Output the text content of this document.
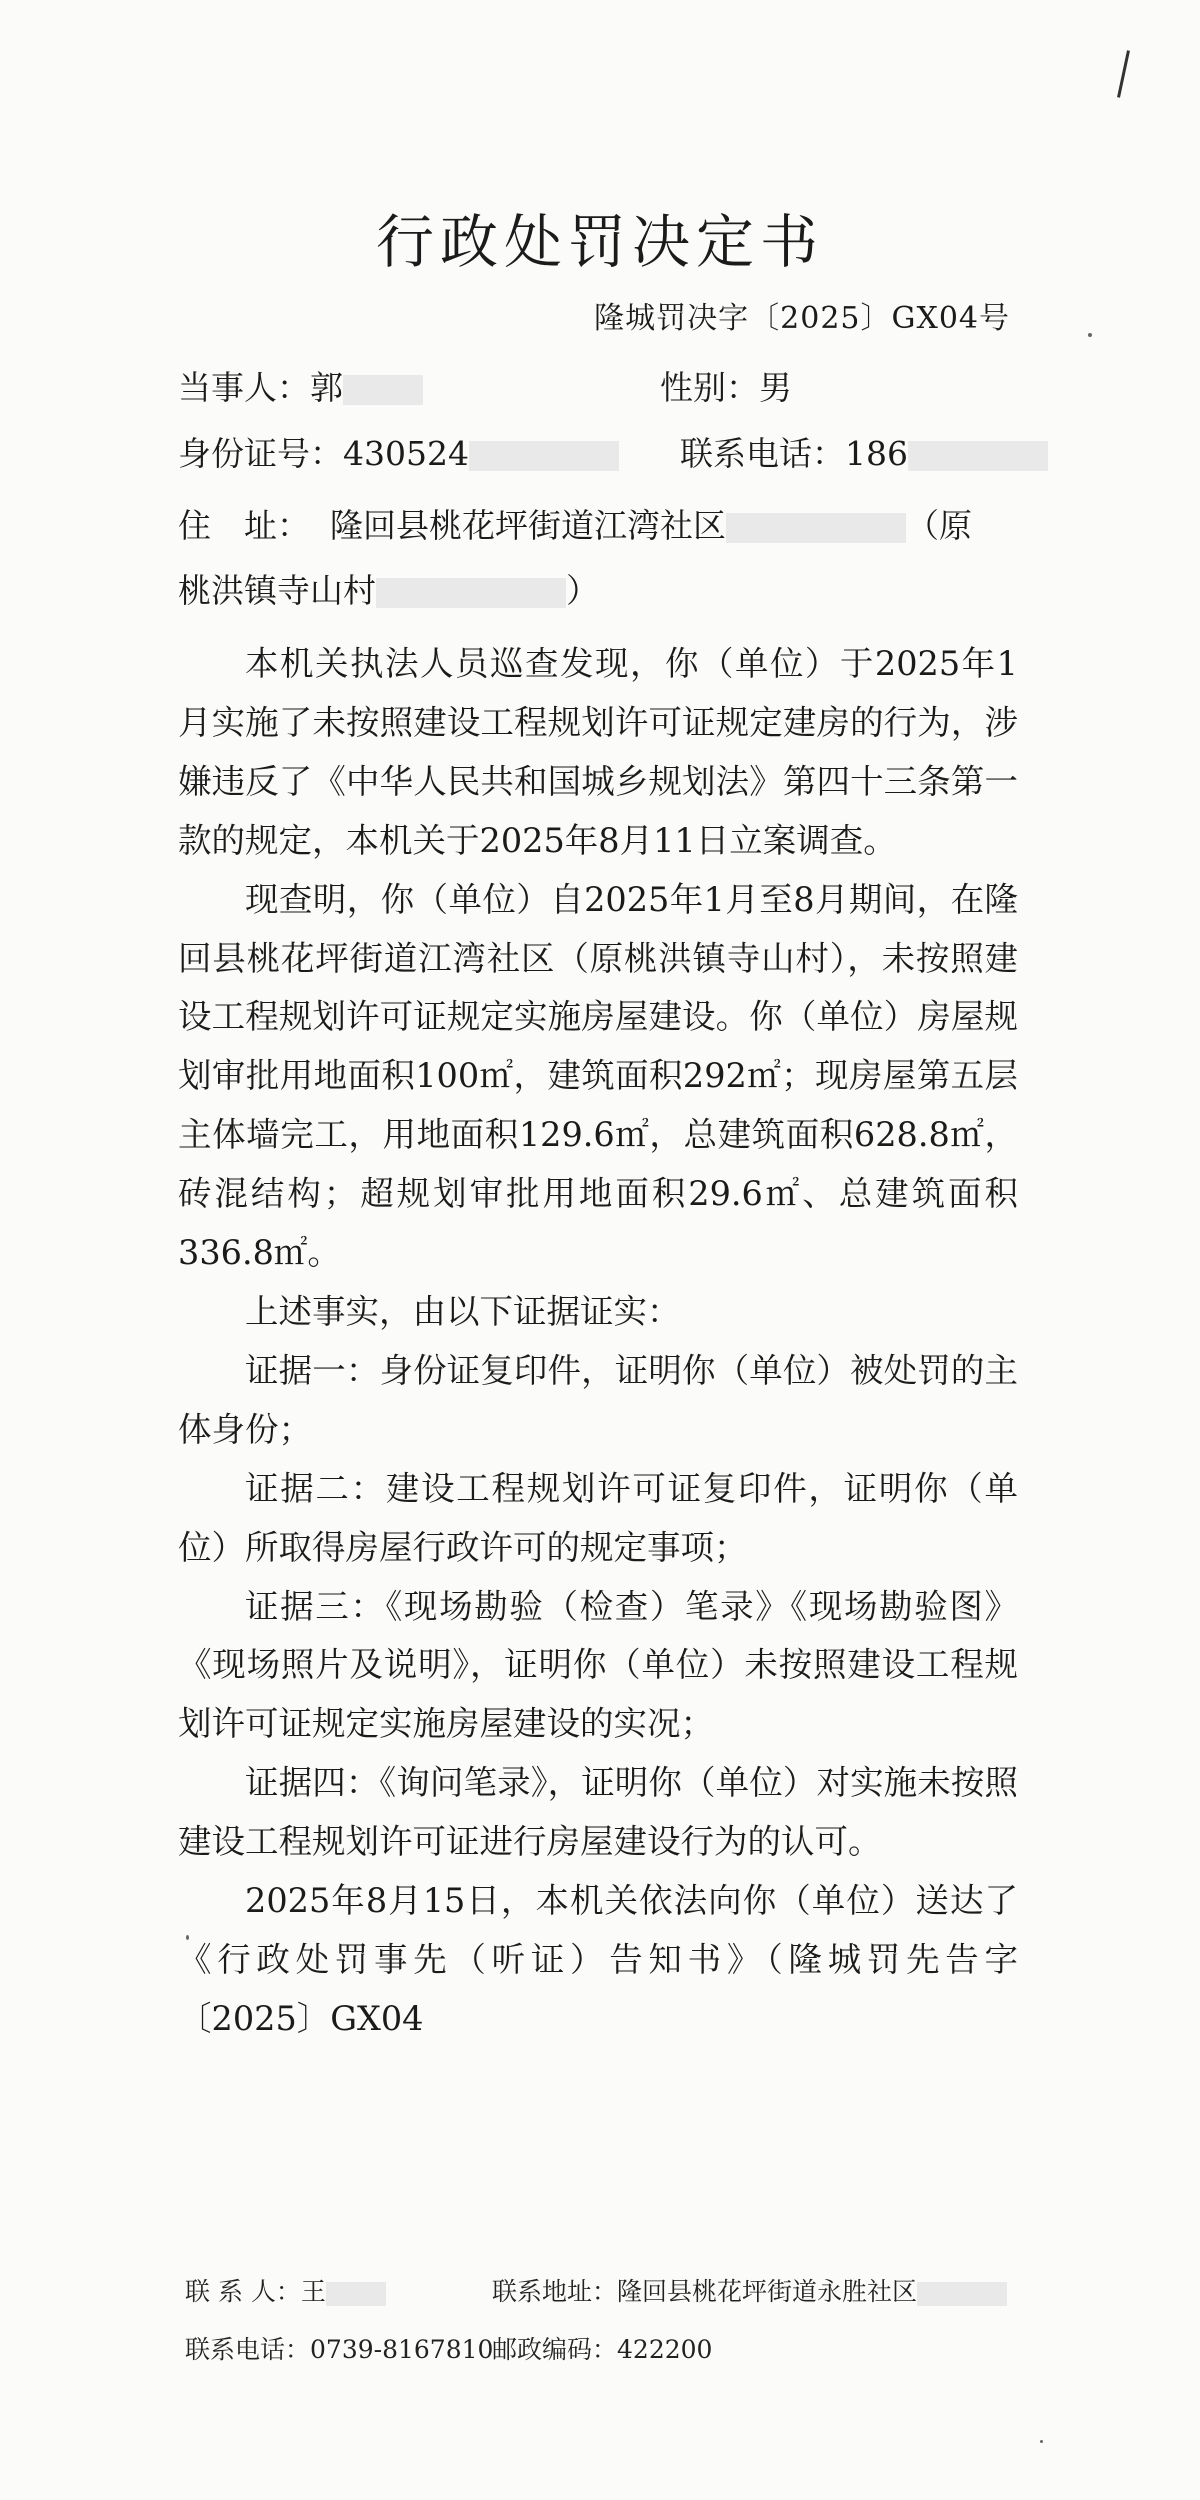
行政处罚决定书
隆城罚决字〔2025〕GX04号
当事人：郭	性别：男
身份证号：430524	联系电话：186
住　址： 隆回县桃花坪街道江湾社区	（原
桃洪镇寺山村	）

本机关执法人员巡查发现，你（单位）于2025年1月实施了未按照建设工程规划许可证规定建房的行为，涉嫌违反了《中华人民共和国城乡规划法》第四十三条第一款的规定，本机关于2025年8月11日立案调查。

现查明，你（单位）自2025年1月至8月期间，在隆回县桃花坪街道江湾社区（原桃洪镇寺山村），未按照建设工程规划许可证规定实施房屋建设。你（单位）房屋规划审批用地面积100㎡，建筑面积292㎡；现房屋第五层主体墙完工，用地面积129.6㎡，总建筑面积628.8㎡，砖混结构；超规划审批用地面积29.6㎡、总建筑面积336.8㎡。

上述事实，由以下证据证实：

证据一：身份证复印件，证明你（单位）被处罚的主体身份；

证据二：建设工程规划许可证复印件，证明你（单位）所取得房屋行政许可的规定事项；

证据三：《现场勘验（检查）笔录》《现场勘验图》《现场照片及说明》，证明你（单位）未按照建设工程规划许可证规定实施房屋建设的实况；

证据四：《询问笔录》，证明你（单位）对实施未按照建设工程规划许可证进行房屋建设行为的认可。

2025年8月15日，本机关依法向你（单位）送达了《行政处罚事先（听证）告知书》（隆城罚先告字〔2025〕GX04

联 系 人：王	联系地址：隆回县桃花坪街道永胜社区
联系电话：0739-8167810
邮政编码：422200
